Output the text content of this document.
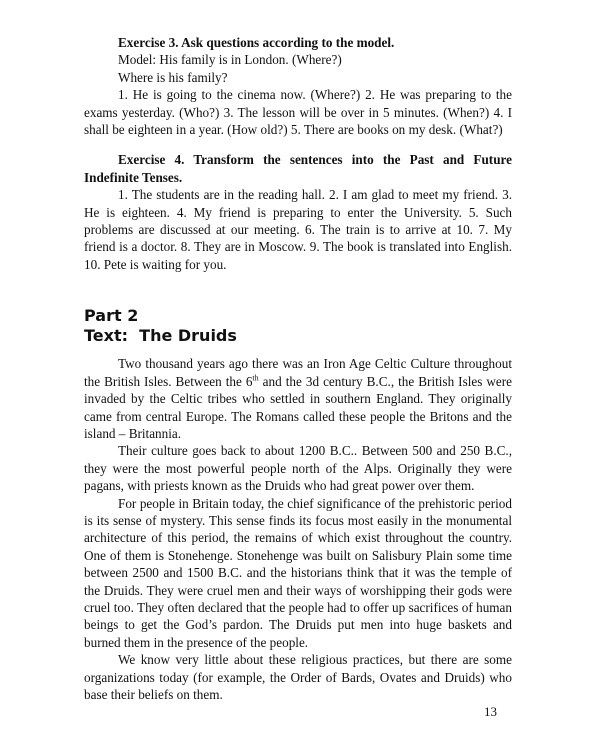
Exercise 3. Ask questions according to the model.

Model: His family is in London. (Where?)

Where is his family?

1. He is going to the cinema now. (Where?) 2. He was preparing to the exams yesterday. (Who?) 3. The lesson will be over in 5 minutes. (When?) 4. I shall be eighteen in a year. (How old?) 5. There are books on my desk. (What?)

Exercise 4. Transform the sentences into the Past and Future Indefinite Tenses.

1. The students are in the reading hall. 2. I am glad to meet my friend. 3. He is eighteen. 4. My friend is preparing to enter the University. 5. Such problems are discussed at our meeting. 6. The train is to arrive at 10. 7. My friend is a doctor. 8. They are in Moscow. 9. The book is translated into English. 10. Pete is waiting for you.

Part 2
Text:  The Druids

Two thousand years ago there was an Iron Age Celtic Culture throughout the British Isles. Between the 6th and the 3d century B.C., the British Isles were invaded by the Celtic tribes who settled in southern England. They originally came from central Europe. The Romans called these people the Britons and the island – Britannia.

Their culture goes back to about 1200 B.C.. Between 500 and 250 B.C., they were the most powerful people north of the Alps. Originally they were pagans, with priests known as the Druids who had great power over them.

For people in Britain today, the chief significance of the prehistoric period is its sense of mystery. This sense finds its focus most easily in the monumental architecture of this period, the remains of which exist throughout the country. One of them is Stonehenge. Stonehenge was built on Salisbury Plain some time between 2500 and 1500 B.C. and the historians think that it was the temple of the Druids. They were cruel men and their ways of worshipping their gods were cruel too. They often declared that the people had to offer up sacrifices of human beings to get the God’s pardon. The Druids put men into huge baskets and burned them in the presence of the people.

We know very little about these religious practices, but there are some organizations today (for example, the Order of Bards, Ovates and Druids) who base their beliefs on them.

13
